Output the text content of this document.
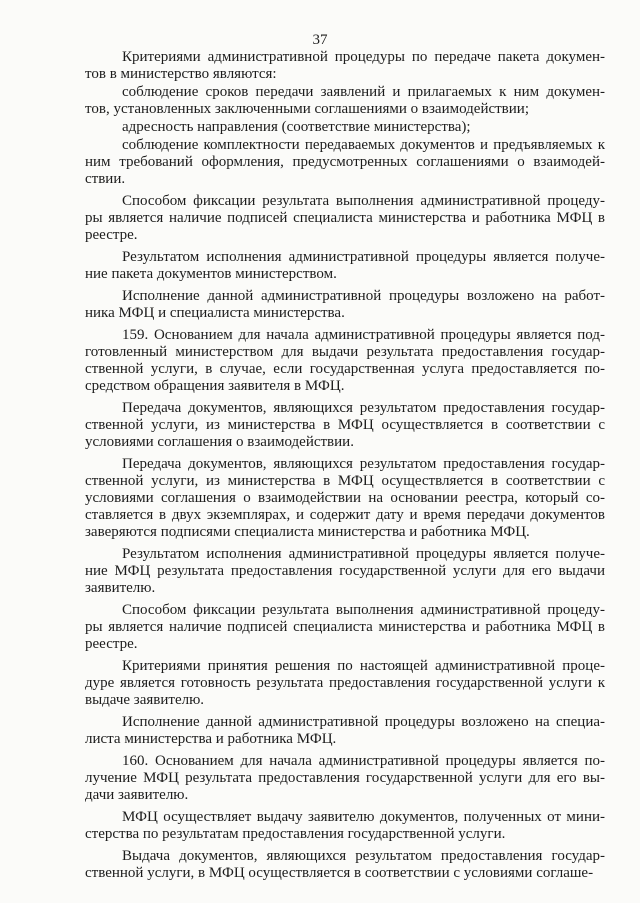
37
Критериями административной процедуры по передаче пакета докумен-
тов в министерство являются:
соблюдение сроков передачи заявлений и прилагаемых к ним докумен-
тов, установленных заключенными соглашениями о взаимодействии;
адресность направления (соответствие министерства);
соблюдение комплектности передаваемых документов и предъявляемых к
ним требований оформления, предусмотренных соглашениями о взаимодей-
ствии.
Способом фиксации результата выполнения административной процеду-
ры является наличие подписей специалиста министерства и работника МФЦ в
реестре.
Результатом исполнения административной процедуры является получе-
ние пакета документов министерством.
Исполнение данной административной процедуры возложено на работ-
ника МФЦ и специалиста министерства.
159. Основанием для начала административной процедуры является под-
готовленный министерством для выдачи результата предоставления государ-
ственной услуги, в случае, если государственная услуга предоставляется по-
средством обращения заявителя в МФЦ.
Передача документов, являющихся результатом предоставления государ-
ственной услуги, из министерства в МФЦ осуществляется в соответствии с
условиями соглашения о взаимодействии.
Передача документов, являющихся результатом предоставления государ-
ственной услуги, из министерства в МФЦ осуществляется в соответствии с
условиями соглашения о взаимодействии на основании реестра, который со-
ставляется в двух экземплярах, и содержит дату и время передачи документов
заверяются подписями специалиста министерства и работника МФЦ.
Результатом исполнения административной процедуры является получе-
ние МФЦ результата предоставления государственной услуги для его выдачи
заявителю.
Способом фиксации результата выполнения административной процеду-
ры является наличие подписей специалиста министерства и работника МФЦ в
реестре.
Критериями принятия решения по настоящей административной проце-
дуре является готовность результата предоставления государственной услуги к
выдаче заявителю.
Исполнение данной административной процедуры возложено на специа-
листа министерства и работника МФЦ.
160. Основанием для начала административной процедуры является по-
лучение МФЦ результата предоставления государственной услуги для его вы-
дачи заявителю.
МФЦ осуществляет выдачу заявителю документов, полученных от мини-
стерства по результатам предоставления государственной услуги.
Выдача документов, являющихся результатом предоставления государ-
ственной услуги, в МФЦ осуществляется в соответствии с условиями соглаше-
